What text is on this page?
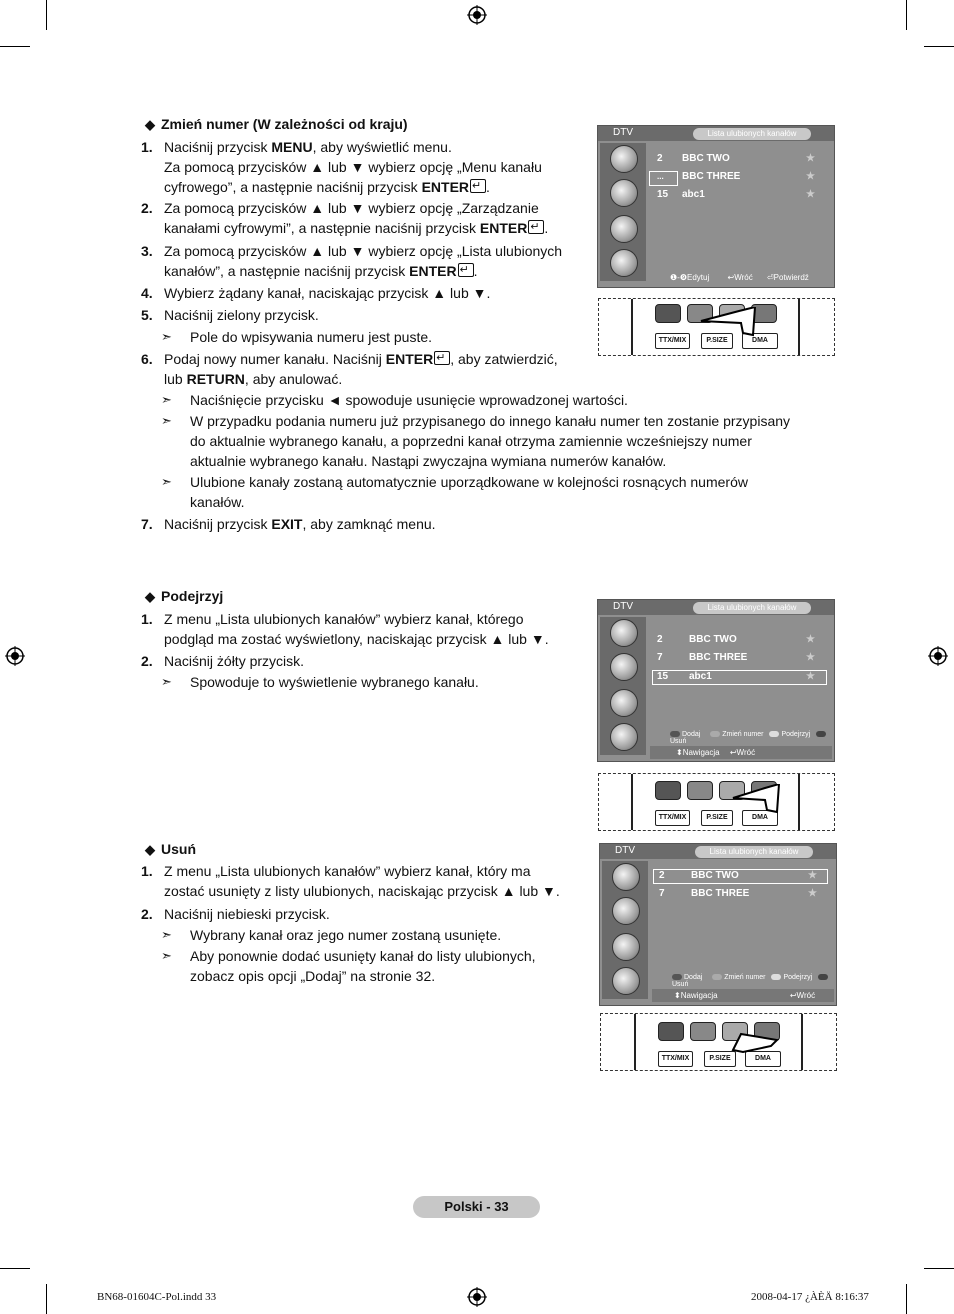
◆ Zmień numer (W zależności od kraju)
1. Naciśnij przycisk MENU, aby wyświetlić menu.
Za pomocą przycisków ▲ lub ▼ wybierz opcję „Menu kanału
cyfrowego”, a następnie naciśnij przycisk ENTER ↵ .
2. Za pomocą przycisków ▲ lub ▼ wybierz opcję „Zarządzanie
kanałami cyfrowymi”, a następnie naciśnij przycisk ENTER ↵ .
3. Za pomocą przycisków ▲ lub ▼ wybierz opcję „Lista ulubionych
kanałów”, a następnie naciśnij przycisk ENTER ↵ .
4. Wybierz żądany kanał, naciskając przycisk ▲ lub ▼.
5. Naciśnij zielony przycisk.
➣ Pole do wpisywania numeru jest puste.
6. Podaj nowy numer kanału. Naciśnij ENTER ↵ , aby zatwierdzić,
lub RETURN, aby anulować.
➣ Naciśnięcie przycisku ◄ spowoduje usunięcie wprowadzonej wartości.
➣ W przypadku podania numeru już przypisanego do innego kanału numer ten zostanie przypisany
do aktualnie wybranego kanału, a poprzedni kanał otrzyma zamiennie wcześniejszy numer
aktualnie wybranego kanału. Nastąpi zwyczajna wymiana numerów kanałów.
➣ Ulubione kanały zostaną automatycznie uporządkowane w kolejności rosnących numerów
kanałów.
7. Naciśnij przycisk EXIT, aby zamknąć menu.
DTV	Lista ulubionych kanałów
2 BBC TWO	★
... BBC THREE	★
15 abc1	★
❶-❾Edytuj ↩Wróć ⏎Potwierdź
TTX/MIX	P.SIZE	DMA
◆ Podejrzyj
1. Z menu „Lista ulubionych kanałów” wybierz kanał, którego
podgląd ma zostać wyświetlony, naciskając przycisk ▲ lub ▼.
2. Naciśnij żółty przycisk.
➣ Spowoduje to wyświetlenie wybranego kanału.
DTV	Lista ulubionych kanałów
2	BBC TWO	★
7	BBC THREE	★
15 abc1	★
Dodaj	Zmień numer	Podejrzyj Usuń
⬍Nawigacja ↩Wróć
TTX/MIX	P.SIZE	DMA
◆ Usuń
1. Z menu „Lista ulubionych kanałów” wybierz kanał, który ma
zostać usunięty z listy ulubionych, naciskając przycisk ▲ lub ▼.
2. Naciśnij niebieski przycisk.
➣ Wybrany kanał oraz jego numer zostaną usunięte.
➣ Aby ponownie dodać usunięty kanał do listy ulubionych,
zobacz opis opcji „Dodaj” na stronie 32.
DTV	Lista ulubionych kanałów
2	BBC TWO	★
7	BBC THREE	★
Dodaj	Zmień numer	Podejrzyj Usuń
⬍Nawigacja	↩Wróć
TTX/MIX	P.SIZE	DMA
Polski - 33
BN68-01604C-Pol.indd 33	2008-04-17 ¿ÀÈÄ 8:16:37
